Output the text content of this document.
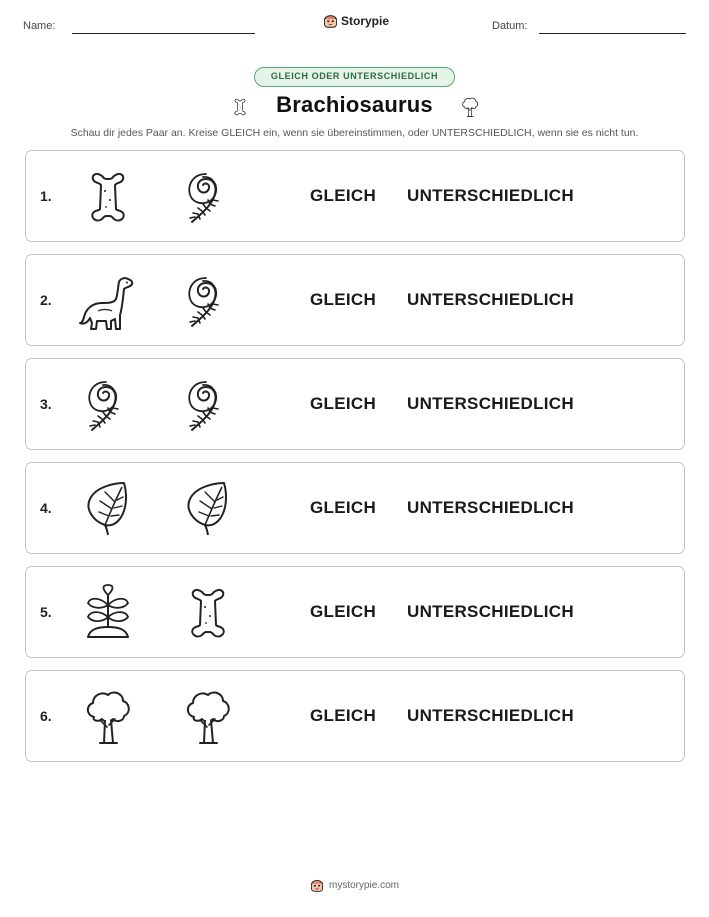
Name:	Storypie	Datum:
GLEICH ODER UNTERSCHIEDLICH
Brachiosaurus
Schau dir jedes Paar an. Kreise GLEICH ein, wenn sie übereinstimmen, oder UNTERSCHIEDLICH, wenn sie es nicht tun.
1.	GLEICH UNTERSCHIEDLICH
2.	GLEICH UNTERSCHIEDLICH
3.	GLEICH UNTERSCHIEDLICH
4.	GLEICH UNTERSCHIEDLICH
5.	GLEICH UNTERSCHIEDLICH
6.	GLEICH UNTERSCHIEDLICH
mystorypie.com
